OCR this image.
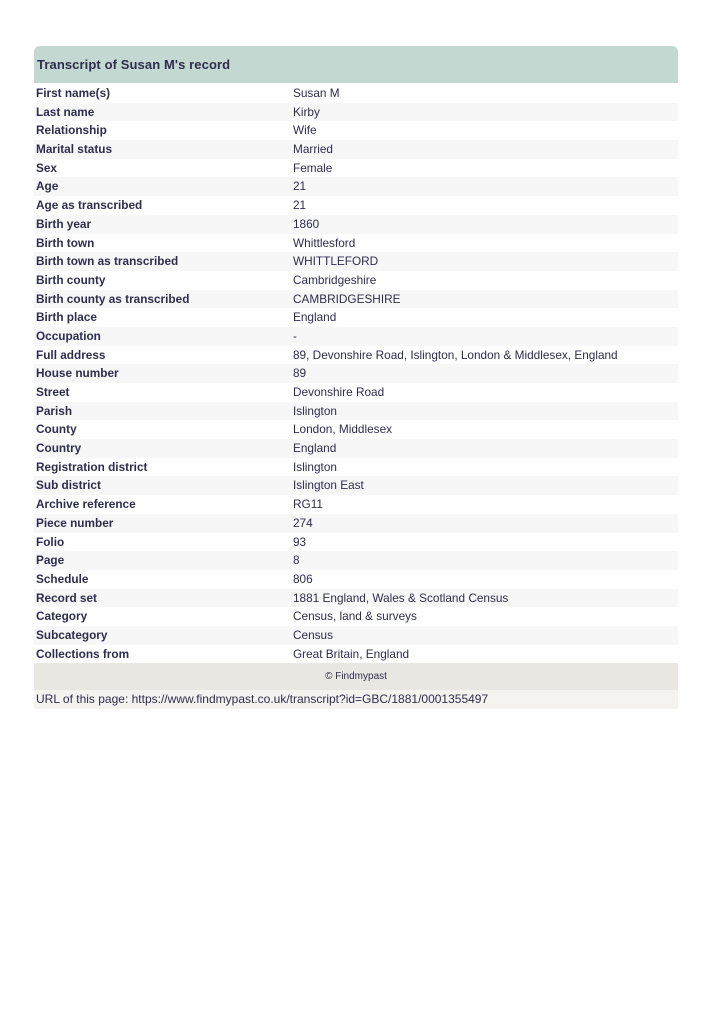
Transcript of Susan M's record
First name(s)	Susan M
Last name	Kirby
Relationship	Wife
Marital status	Married
Sex	Female
Age	21
Age as transcribed	21
Birth year	1860
Birth town	Whittlesford
Birth town as transcribed	WHITTLEFORD
Birth county	Cambridgeshire
Birth county as transcribed	CAMBRIDGESHIRE
Birth place	England
Occupation	-
Full address	89, Devonshire Road, Islington, London & Middlesex, England
House number	89
Street	Devonshire Road
Parish	Islington
County	London, Middlesex
Country	England
Registration district	Islington
Sub district	Islington East
Archive reference	RG11
Piece number	274
Folio	93
Page	8
Schedule	806
Record set	1881 England, Wales & Scotland Census
Category	Census, land & surveys
Subcategory	Census
Collections from	Great Britain, England
© Findmypast
URL of this page: https://www.findmypast.co.uk/transcript?id=GBC/1881/0001355497
